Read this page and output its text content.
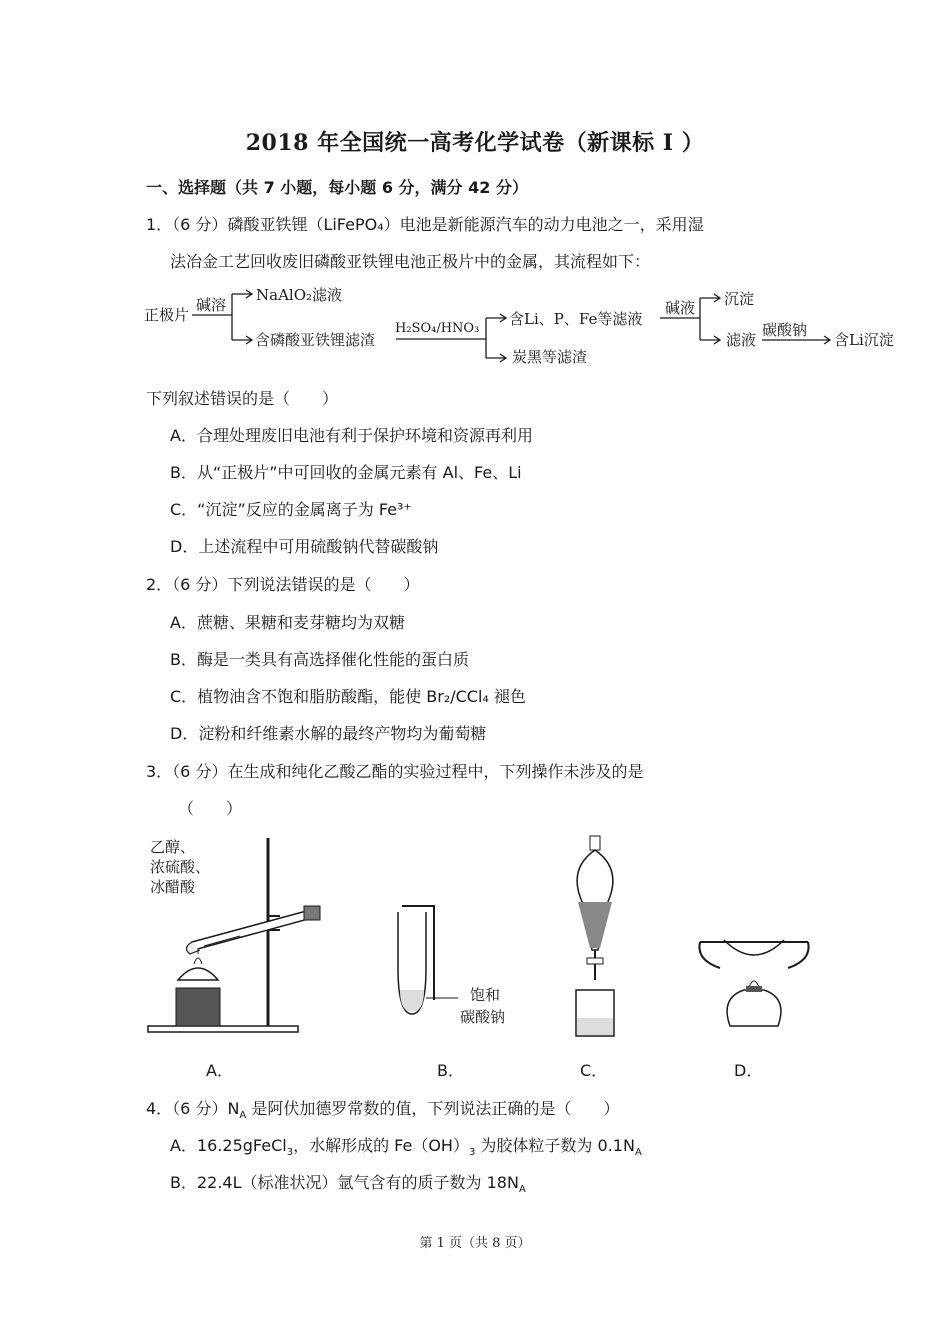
2018 年全国统一高考化学试卷（新课标 I ）
一、选择题（共 7 小题，每小题 6 分，满分 42 分）
1．（6 分）磷酸亚铁锂（LiFePO₄）电池是新能源汽车的动力电池之一，采用湿
法冶金工艺回收废旧磷酸亚铁锂电池正极片中的金属，其流程如下：
正极片
碱溶
NaAlO₂滤液
含磷酸亚铁锂滤渣
H₂SO₄/HNO₃
含Li、P、Fe等滤液
炭黑等滤渣
碱液 沉淀
滤液
碳酸钠
含Li沉淀
下列叙述错误的是（　　）
A．合理处理废旧电池有利于保护环境和资源再利用
B．从“正极片”中可回收的金属元素有 Al、Fe、Li
C．“沉淀”反应的金属离子为 Fe³⁺
D．上述流程中可用硫酸钠代替碳酸钠
2．（6 分）下列说法错误的是（　　）
A．蔗糖、果糖和麦芽糖均为双糖
B．酶是一类具有高选择催化性能的蛋白质
C．植物油含不饱和脂肪酸酯，能使 Br₂/CCl₄ 褪色
D．淀粉和纤维素水解的最终产物均为葡萄糖
3．（6 分）在生成和纯化乙酸乙酯的实验过程中，下列操作未涉及的是
（　　）
乙醇、
浓硫酸、
冰醋酸
饱和
碳酸钠
A．	B．	C．	D．
4．（6 分）$N_A$ 是阿伏加德罗常数的值，下列说法正确的是（　　）
A．16.25gFeCl$_3$，水解形成的 $Fe(OH)_3$ 为胶体粒子数为 $0.1N_A$
B．22.4L（标准状况）氩气含有的质子数为 $18N_A$
第 1 页（共 8 页）
